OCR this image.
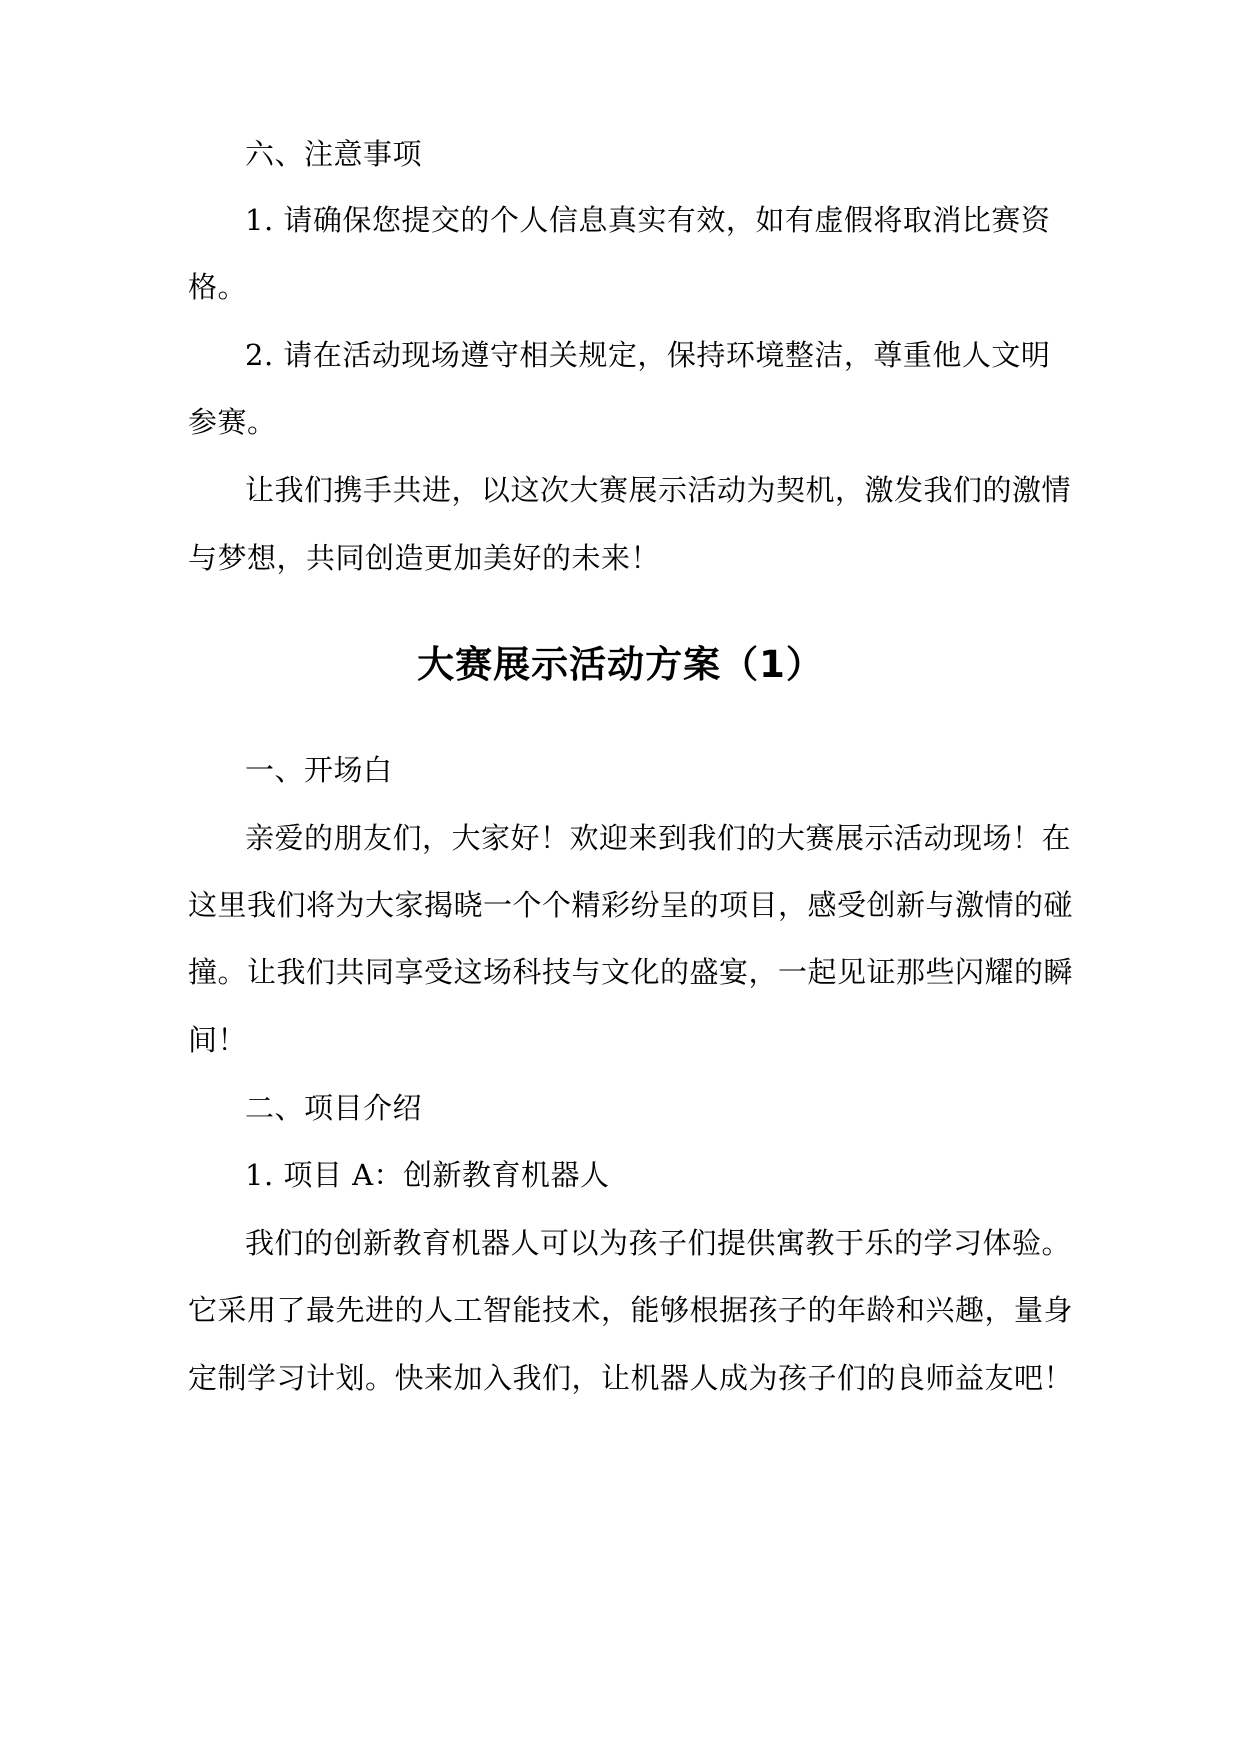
六、注意事项
1. 请确保您提交的个人信息真实有效，如有虚假将取消比赛资
格。
2. 请在活动现场遵守相关规定，保持环境整洁，尊重他人文明
参赛。
让我们携手共进，以这次大赛展示活动为契机，激发我们的激情
与梦想，共同创造更加美好的未来！
大赛展示活动方案（1）
一、开场白
亲爱的朋友们，大家好！欢迎来到我们的大赛展示活动现场！在
这里我们将为大家揭晓一个个精彩纷呈的项目，感受创新与激情的碰
撞。让我们共同享受这场科技与文化的盛宴，一起见证那些闪耀的瞬
间！
二、项目介绍
1. 项目 A：创新教育机器人
我们的创新教育机器人可以为孩子们提供寓教于乐的学习体验。
它采用了最先进的人工智能技术，能够根据孩子的年龄和兴趣，量身
定制学习计划。快来加入我们，让机器人成为孩子们的良师益友吧！
